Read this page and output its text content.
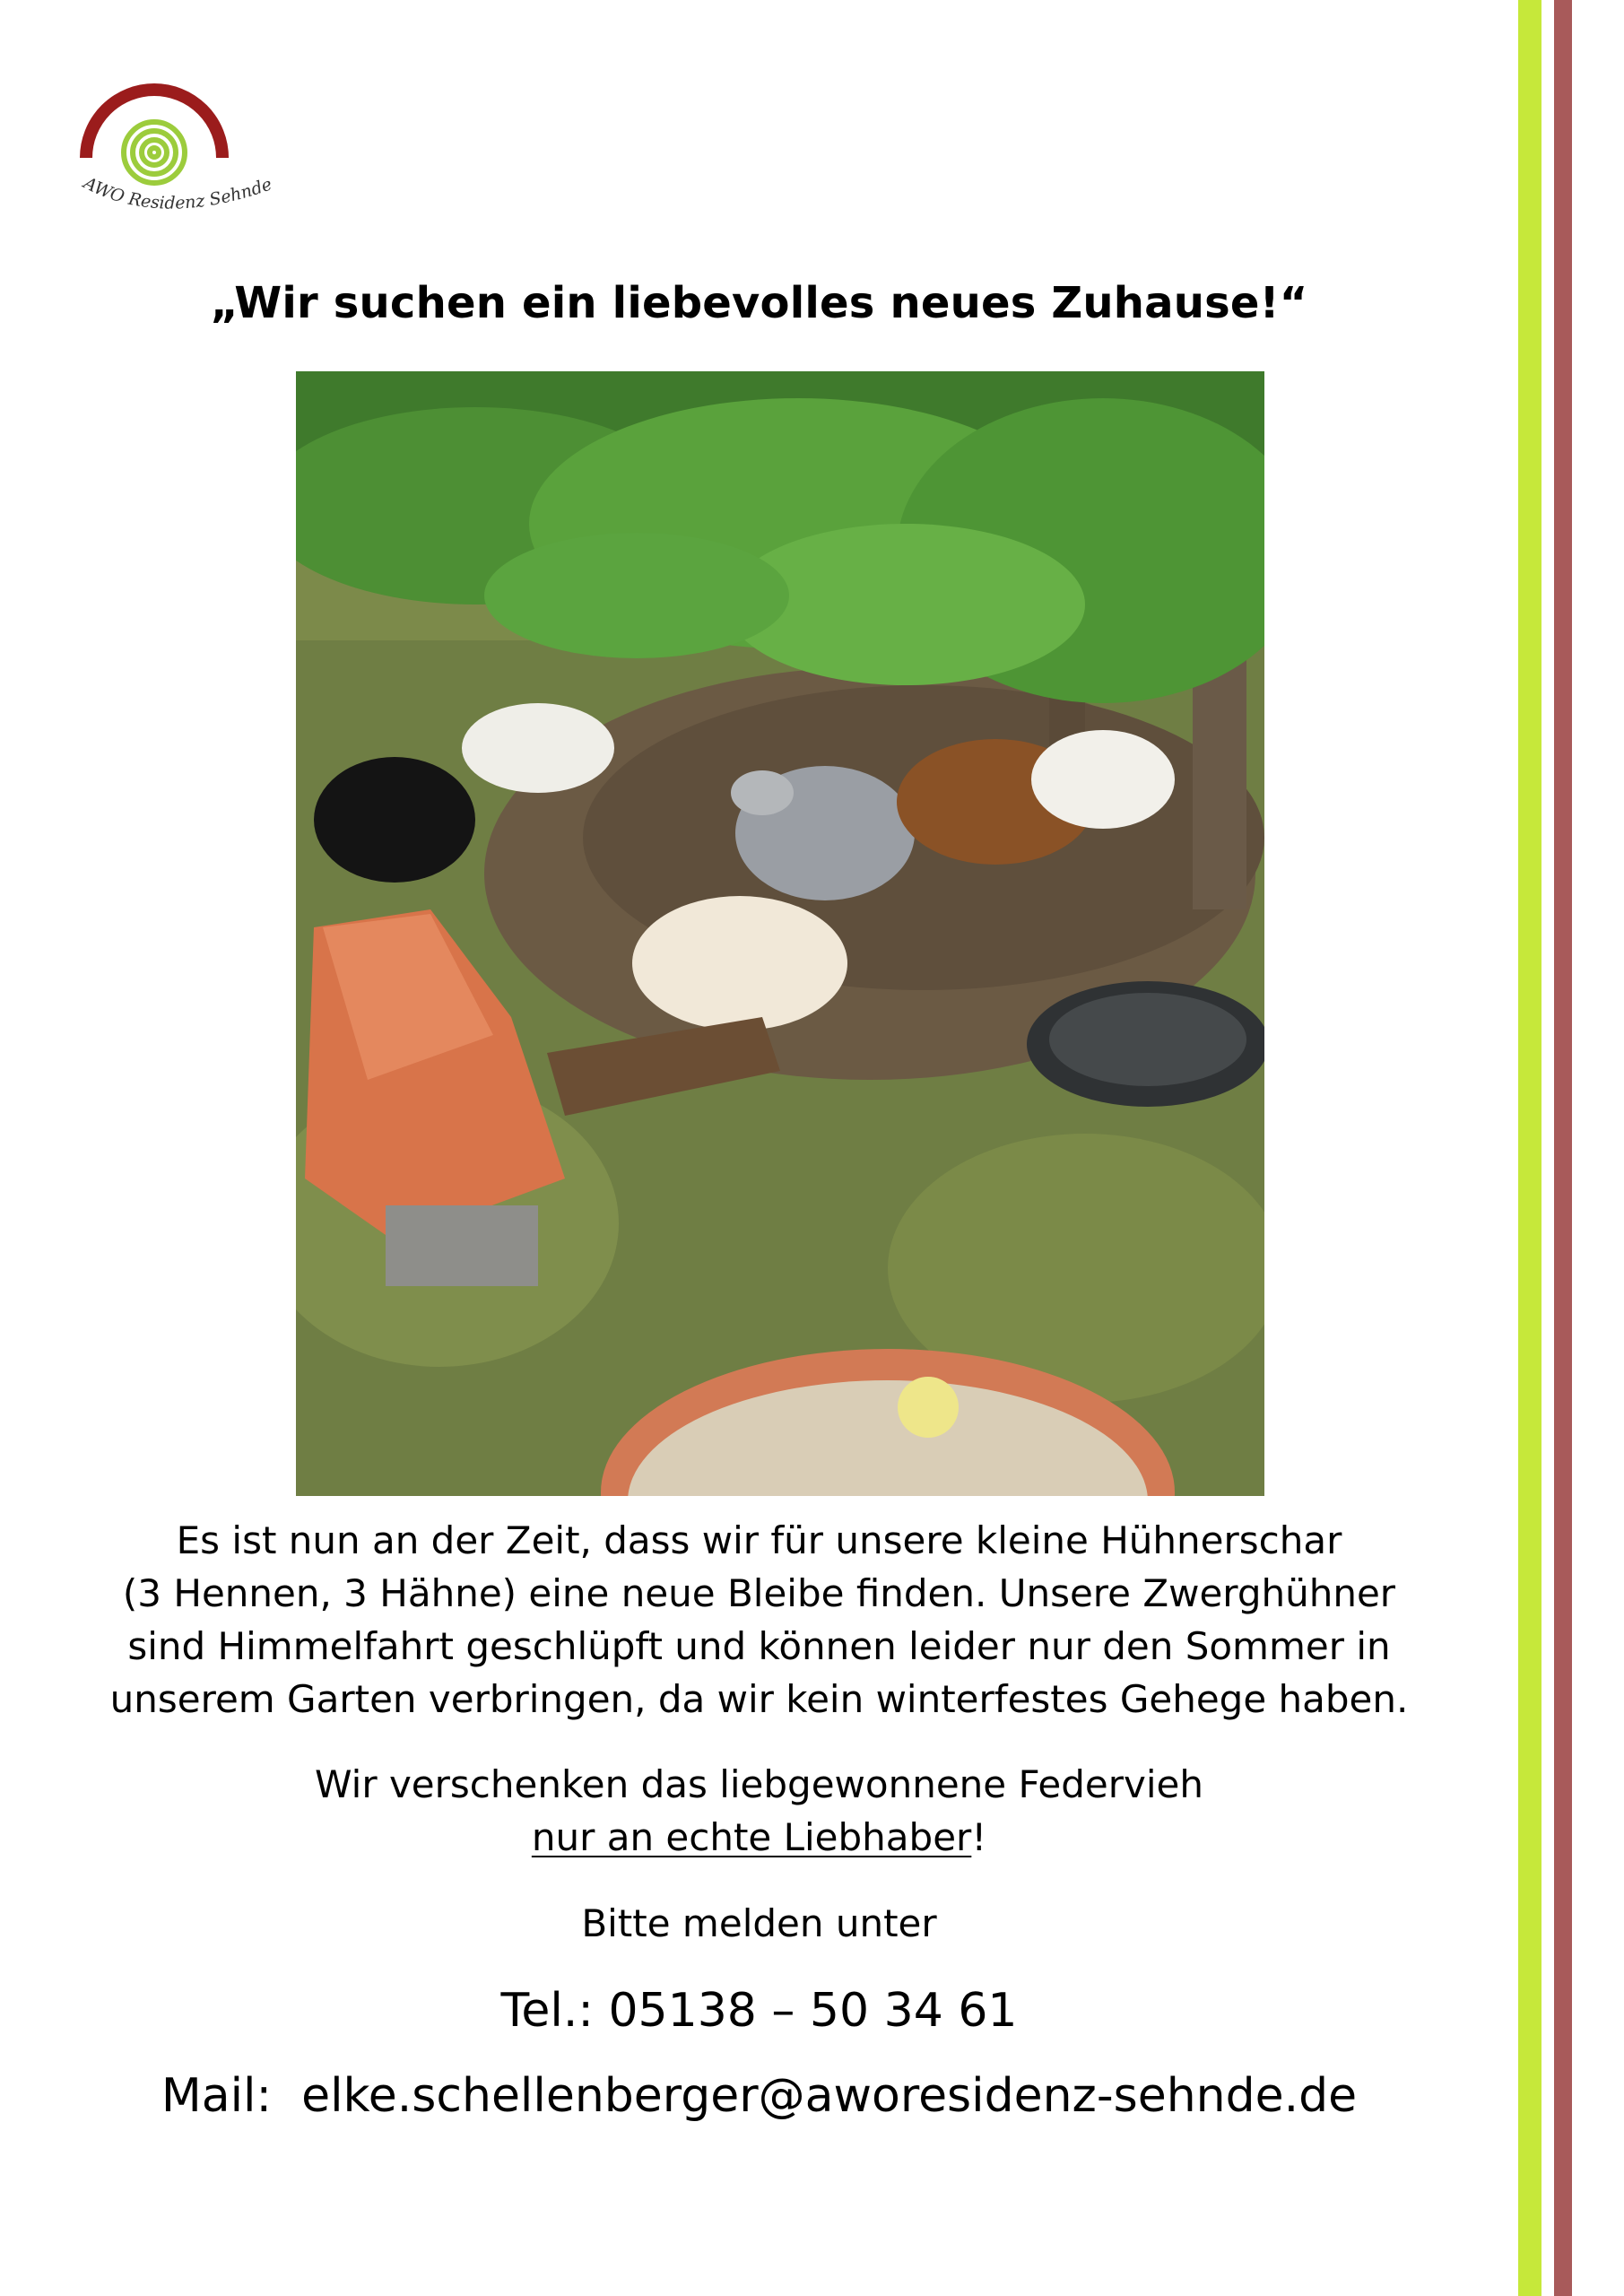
AWO Residenz Sehnde
„Wir suchen ein liebevolles neues Zuhause!“
Es ist nun an der Zeit, dass wir für unsere kleine Hühnerschar
(3 Hennen, 3 Hähne) eine neue Bleibe finden. Unsere Zwerghühner
sind Himmelfahrt geschlüpft und können leider nur den Sommer in
unserem Garten verbringen, da wir kein winterfestes Gehege haben.
Wir verschenken das liebgewonnene Federvieh
nur an echte Liebhaber!
Bitte melden unter
Tel.: 05138 – 50 34 61
Mail: elke.schellenberger@aworesidenz-sehnde.de
